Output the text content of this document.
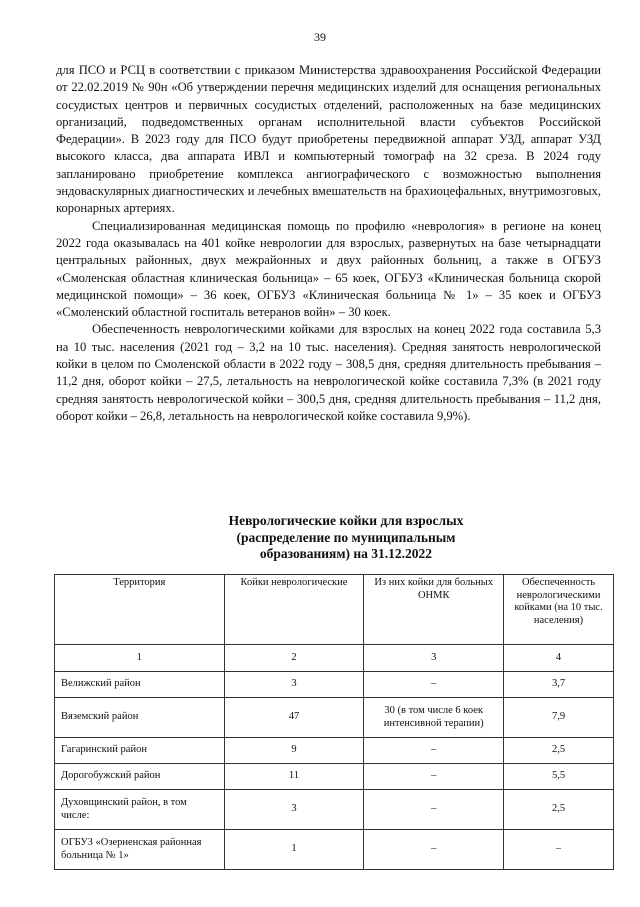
39

для ПСО и РСЦ в соответствии с приказом Министерства здравоохранения Российской Федерации от 22.02.2019 № 90н «Об утверждении перечня медицинских изделий для оснащения региональных сосудистых центров и первичных сосудистых отделений, расположенных на базе медицинских организаций, подведомственных органам исполнительной власти субъектов Российской Федерации». В 2023 году для ПСО будут приобретены передвижной аппарат УЗД, аппарат УЗД высокого класса, два аппарата ИВЛ и компьютерный томограф на 32 среза. В 2024 году запланировано приобретение комплекса ангиографического с возможностью выполнения эндоваскулярных диагностических и лечебных вмешательств на брахиоцефальных, внутримозговых, коронарных артериях.

Специализированная медицинская помощь по профилю «неврология» в регионе на конец 2022 года оказывалась на 401 койке неврологии для взрослых, развернутых на базе четырнадцати центральных районных, двух межрайонных и двух районных больниц, а также в ОГБУЗ «Смоленская областная клиническая больница» – 65 коек, ОГБУЗ «Клиническая больница скорой медицинской помощи» – 36 коек, ОГБУЗ «Клиническая больница № 1» – 35 коек и ОГБУЗ «Смоленский областной госпиталь ветеранов войн» – 30 коек.

Обеспеченность неврологическими койками для взрослых на конец 2022 года составила 5,3 на 10 тыс. населения (2021 год – 3,2 на 10 тыс. населения). Средняя занятость неврологической койки в целом по Смоленской области в 2022 году – 308,5 дня, средняя длительность пребывания – 11,2 дня, оборот койки – 27,5, летальность на неврологической койке составила 7,3% (в 2021 году средняя занятость неврологической койки – 300,5 дня, средняя длительность пребывания – 11,2 дня, оборот койки – 26,8, летальность на неврологической койке составила 9,9%).

Неврологические койки для взрослых
(распределение по муниципальным
образованиям) на 31.12.2022
Территория	Койки неврологические	Из них койки для больных ОНМК	Обеспеченность неврологическими койками (на 10 тыс. населения)
1	2	3	4
Велижский район	3	–	3,7
Вяземский район	47	30 (в том числе 6 коек интенсивной терапии)	7,9
Гагаринский район	9	–	2,5
Дорогобужский район	11	–	5,5
Духовщинский район, в том числе:	3	–	2,5
ОГБУЗ «Озерненская районная больница № 1»	1	–	–
